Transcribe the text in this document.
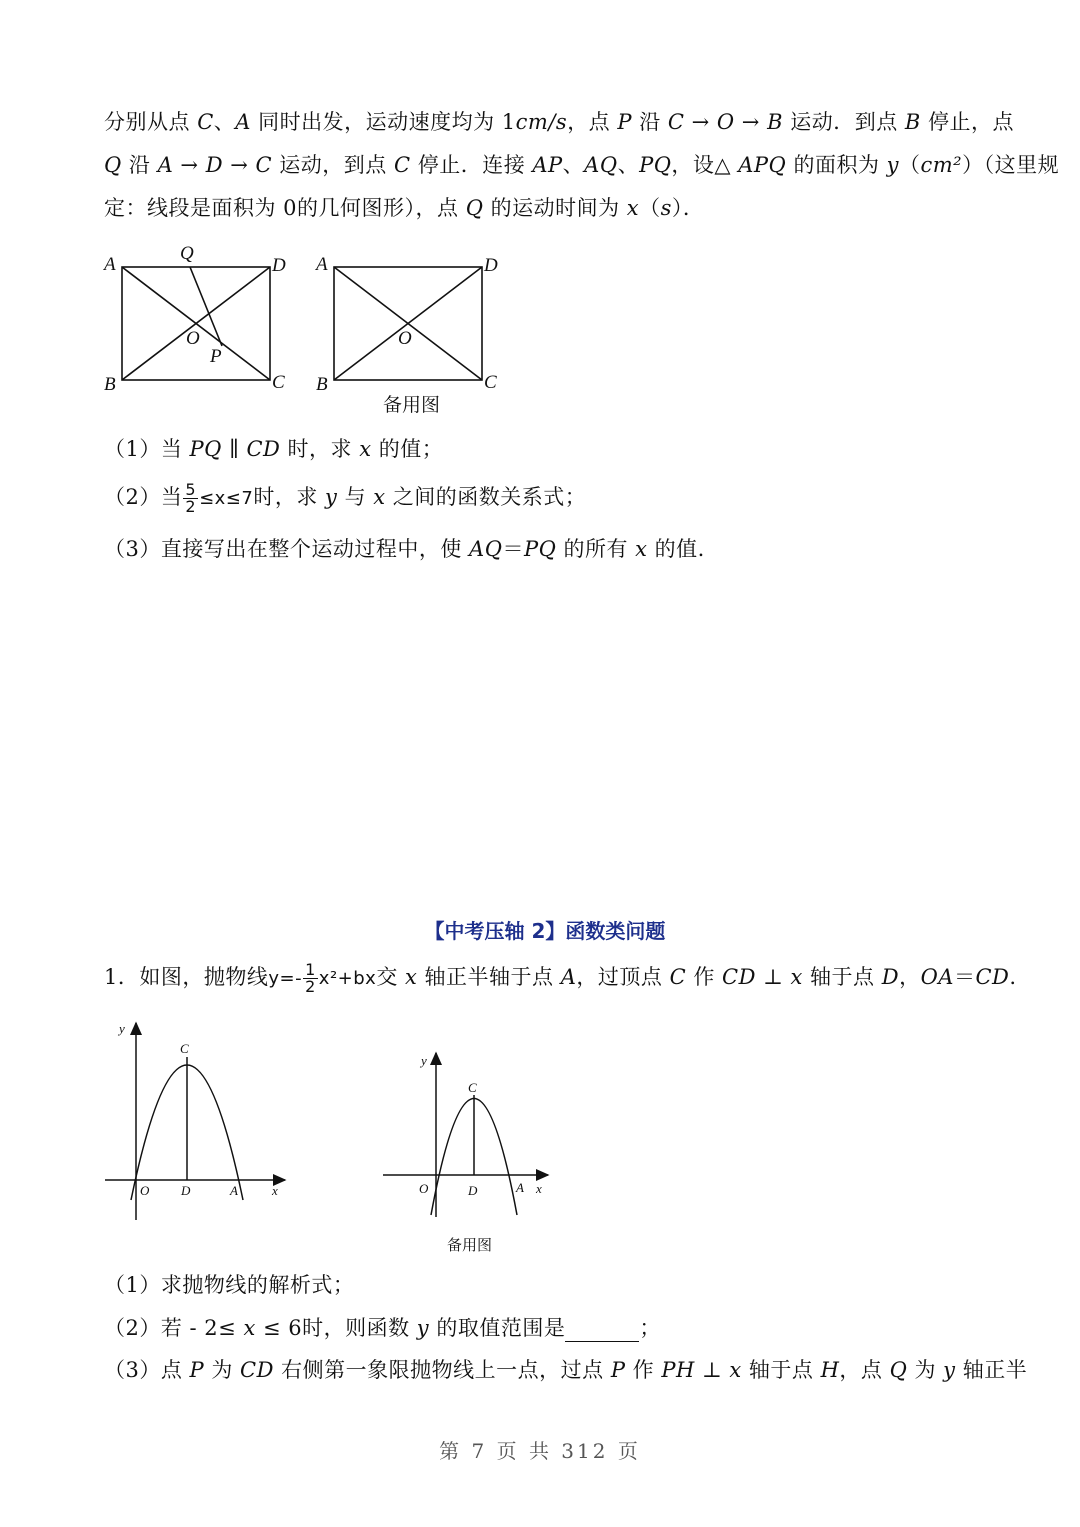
分别从点 C、A 同时出发，运动速度均为 1cm/s，点 P 沿 C → O → B 运动．到点 B 停止，点
Q 沿 A → D → C 运动，到点 C 停止．连接 AP、AQ、PQ，设△ APQ 的面积为 y（cm²）（这里规
定：线段是面积为 0的几何图形），点 Q 的运动时间为 x（s）．
A	D
B	C
O
Q
P
A	D
B	C
O
备用图
（1）当 PQ ∥ CD 时，求 x 的值；
（2）当 $\frac{5}{2} \le x\le 7$时，求 y 与 x 之间的函数关系式；
（3）直接写出在整个运动过程中，使 AQ＝PQ 的所有 x 的值.
【中考压轴 2】函数类问题
1．如图，抛物线$y=- \frac{1}{2} x^2+bx$交 x 轴正半轴于点 A，过顶点 C 作 CD ⊥ x 轴于点 D，OA＝CD.
y
C
O D	A	x
y
C
O	D	A x
备用图
（1）求抛物线的解析式；
（2）若 - 2≤ x ≤ 6时，则函数 y 的取值范围是	；
（3）点 P 为 CD 右侧第一象限抛物线上一点，过点 P 作 PH ⊥ x 轴于点 H，点 Q 为 y 轴正半
第 7 页 共 312 页
